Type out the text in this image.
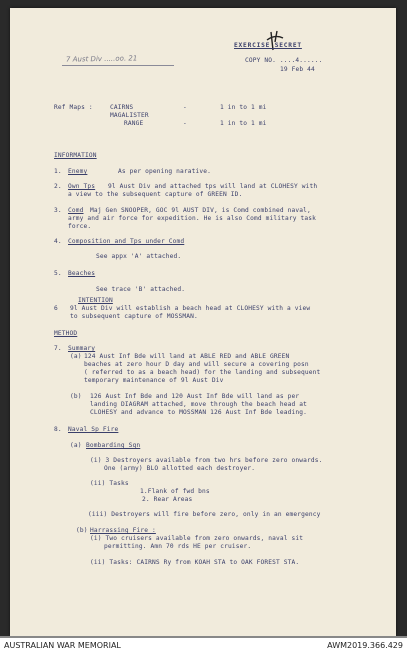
7 Aust Div .....oo. 21
EXERCISE SECRET
COPY NO. ....4......
19 Feb 44
Ref Maps :	CAIRNS	-	1 in to 1 mi
MAGALISTER
RANGE	-	1 in to 1 mi
INFORMATION
1. Enemy	As per opening narative.
2. Own Tps 9l Aust Div and attached tps will land at CLOHESY with
a view to the subsequent capture of GREEN ID.
3. Comd Maj Gen SNOOPER, GOC 9l AUST DIV, is Comd combined naval,
army and air force for expedition. He is also Comd military task
force.
4. Composition and Tps under Comd
See appx 'A' attached.
5. Beaches
See trace 'B' attached.
INTENTION
6 9l Aust Div will establish a beach head at CLOHESY with a view
to subsequent capture of MOSSMAN.
METHOD
7. Summary
(a) 124 Aust Inf Bde will land at ABLE RED and ABLE GREEN
beaches at zero hour D day and will secure a covering posn
( referred to as a beach head) for the landing and subsequent
temporary maintenance of 9l Aust Div
(b) 126 Aust Inf Bde and 120 Aust Inf Bde will land as per
landing DIAGRAM attached, move through the beach head at
CLOHESY and advance to MOSSMAN 126 Aust Inf Bde leading.
8. Naval Sp Fire
(a) Bombarding Sqn
(i) 3 Destroyers available from two hrs before zero onwards.
One (army) BLO allotted each destroyer.
(ii) Tasks
1.Flank of fwd bns
2. Rear Areas
(iii) Destroyers will fire before zero, only in an emergency
(b) Harrassing Fire :
(i) Two cruisers available from zero onwards, naval sit
permitting. Amn 70 rds HE per cruiser.
(ii) Tasks: CAIRNS Ry from KOAH STA to OAK FOREST STA.
AUSTRALIAN WAR MEMORIAL	AWM2019.366.429
